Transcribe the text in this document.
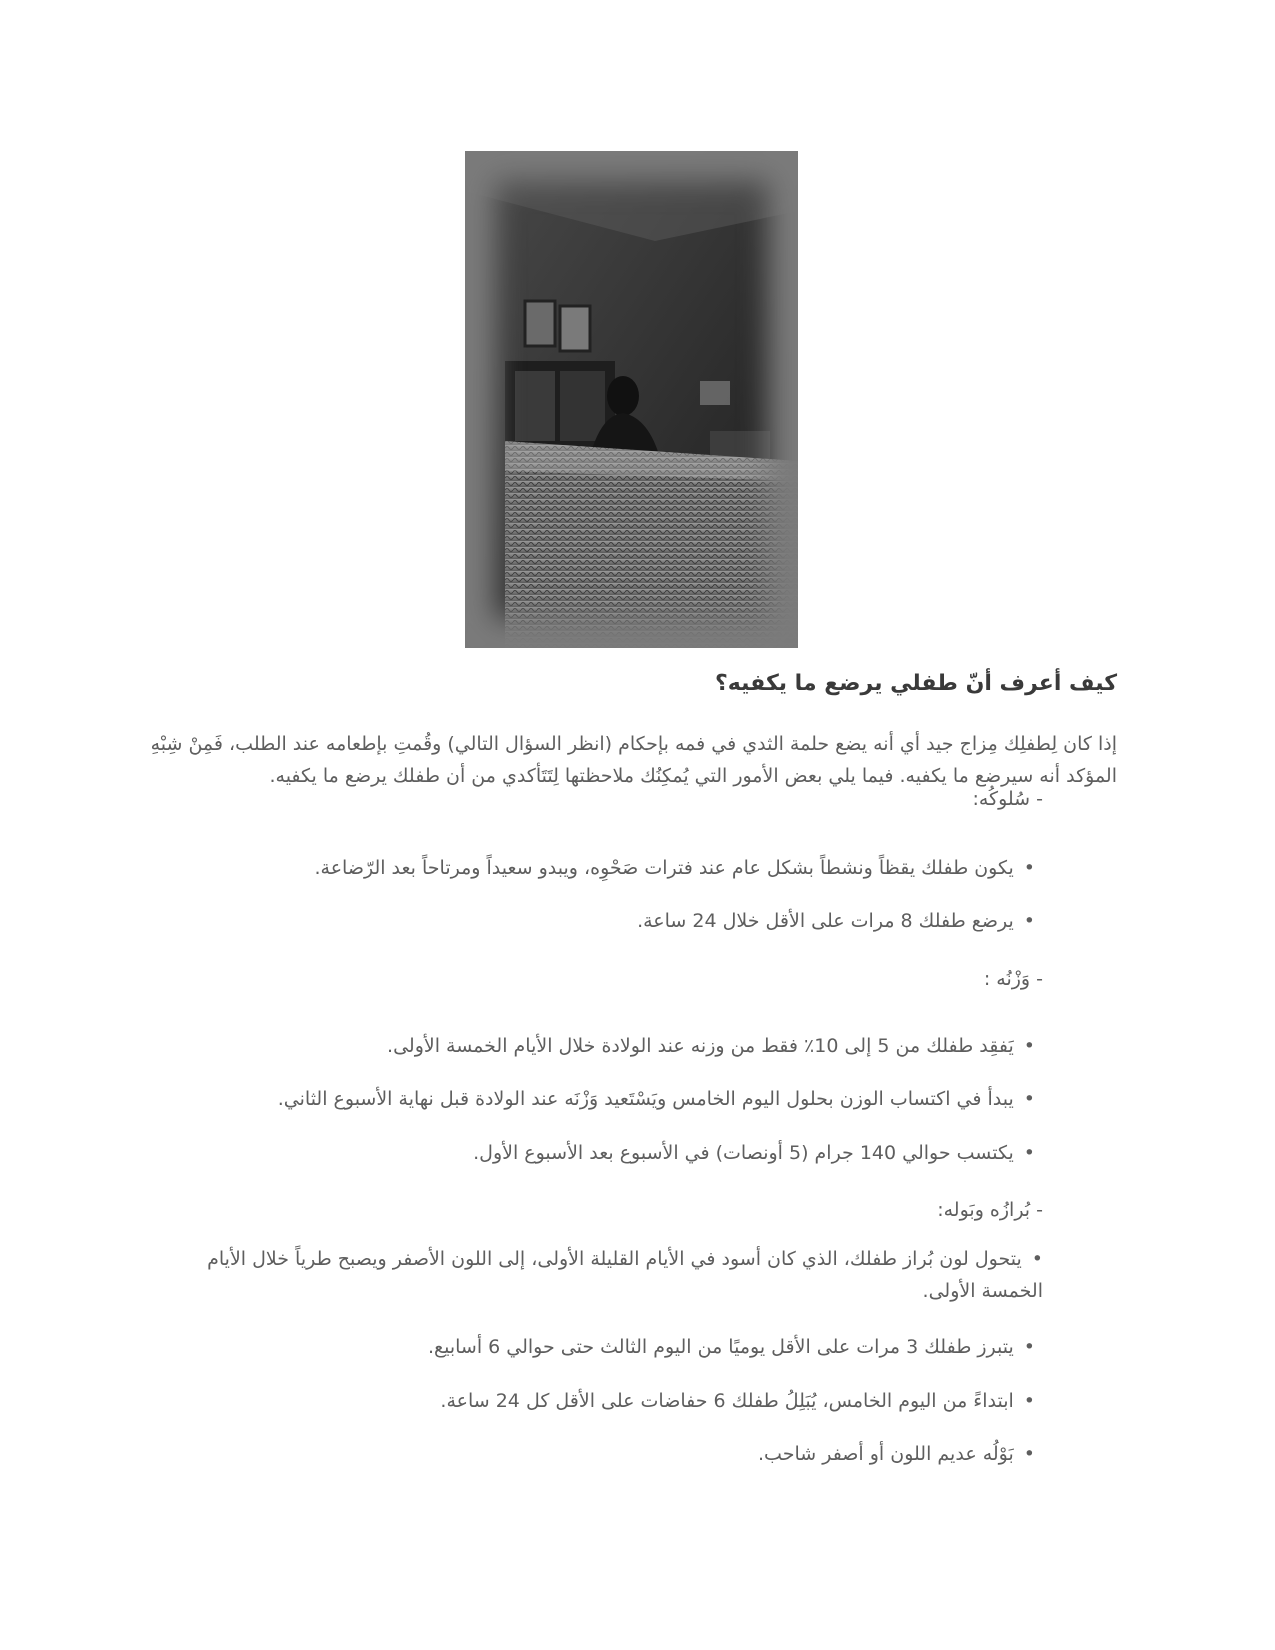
كيف أعرف أنّ طفلي يرضع ما يكفيه؟

إذا كان لِطفلِك مِزاج جيد أي أنه يضع حلمة الثدي في فمه بإحكام (انظر السؤال التالي) وقُمتِ بإطعامه عند الطلب، فَمِنْ شِبْهِ المؤكد أنه سيرضع ما يكفيه. فيما يلي بعض الأمور التي يُمكِنُك ملاحظتها لِتَتَأكدي من أن طفلك يرضع ما يكفيه.

- سُلوكُه:

•يكون طفلك يقظاً ونشطاً بشكل عام عند فترات صَحْوِه، ويبدو سعيداً ومرتاحاً بعد الرّضاعة.

•يرضع طفلك 8 مرات على الأقل خلال 24 ساعة.

- وَزْنُه :

•يَفقِد طفلك من 5 إلى 10٪ فقط من وزنه عند الولادة خلال الأيام الخمسة الأولى.

•يبدأ في اكتساب الوزن بحلول اليوم الخامس ويَسْتَعيد وَزْنَه عند الولادة قبل نهاية الأسبوع الثاني.

•يكتسب حوالي 140 جرام (5 أونصات) في الأسبوع بعد الأسبوع الأول.

- بُرازُه وبَوله:

•يتحول لون بُراز طفلك، الذي كان أسود في الأيام القليلة الأولى، إلى اللون الأصفر ويصبح طرياً خلال الأيام الخمسة الأولى.

•يتبرز طفلك 3 مرات على الأقل يوميًا من اليوم الثالث حتى حوالي 6 أسابيع.

•ابتداءً من اليوم الخامس، يُبَلِلُ طفلك 6 حفاضات على الأقل كل 24 ساعة.

•بَوْلُه عديم اللون أو أصفر شاحب.
